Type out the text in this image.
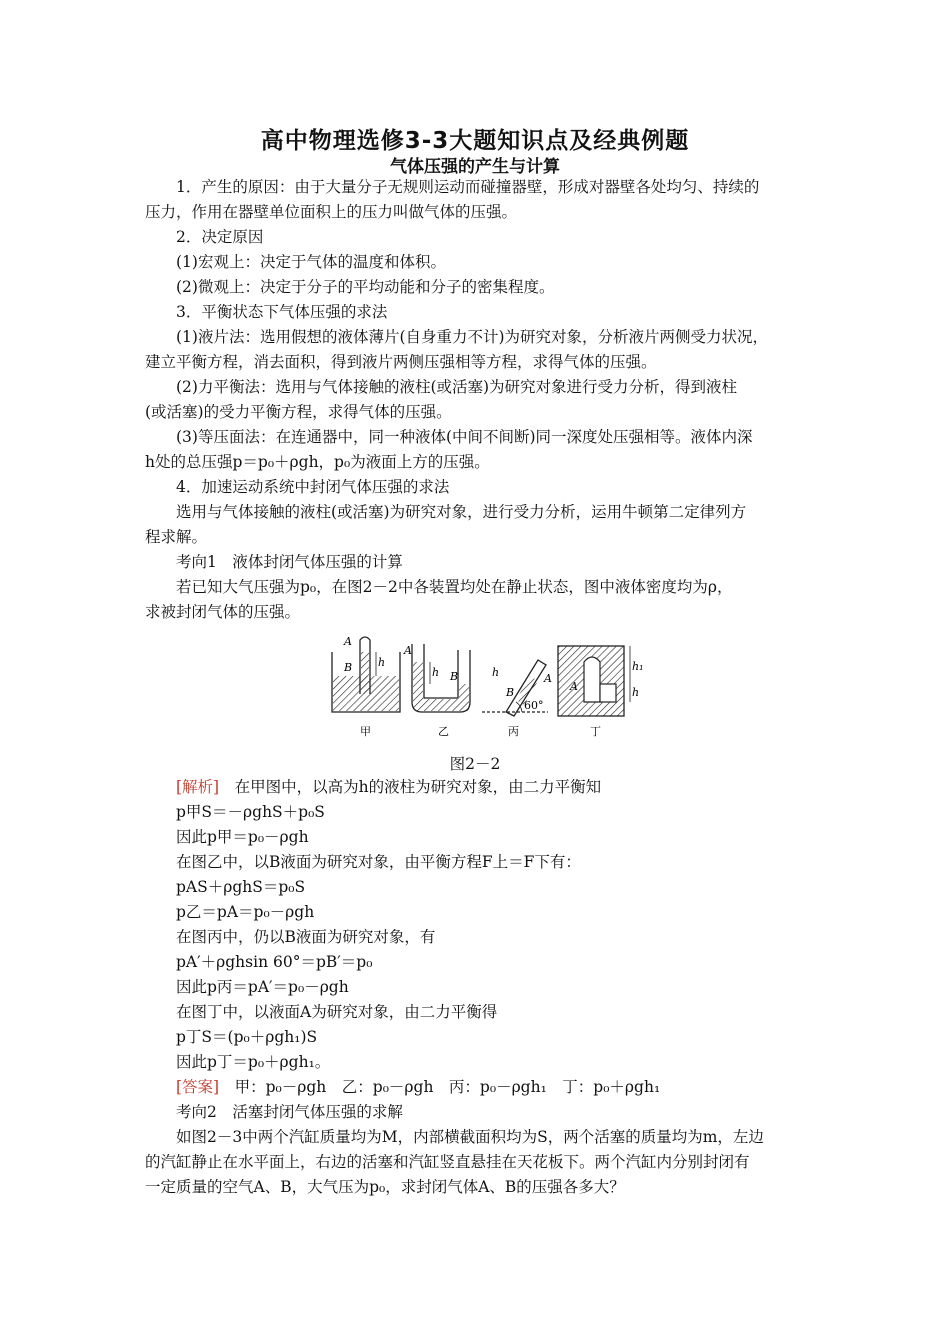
高中物理选修3-3大题知识点及经典例题
气体压强的产生与计算
1．产生的原因：由于大量分子无规则运动而碰撞器壁，形成对器壁各处均匀、持续的
压力，作用在器壁单位面积上的压力叫做气体的压强。
2．决定原因
(1)宏观上：决定于气体的温度和体积。
(2)微观上：决定于分子的平均动能和分子的密集程度。
3．平衡状态下气体压强的求法
(1)液片法：选用假想的液体薄片(自身重力不计)为研究对象，分析液片两侧受力状况，
建立平衡方程，消去面积，得到液片两侧压强相等方程，求得气体的压强。
(2)力平衡法：选用与气体接触的液柱(或活塞)为研究对象进行受力分析，得到液柱
(或活塞)的受力平衡方程，求得气体的压强。
(3)等压面法：在连通器中，同一种液体(中间不间断)同一深度处压强相等。液体内深
h处的总压强p＝p₀＋ρgh，p₀为液面上方的压强。
4．加速运动系统中封闭气体压强的求法
选用与气体接触的液柱(或活塞)为研究对象，进行受力分析，运用牛顿第二定律列方
程求解。
考向1　液体封闭气体压强的计算
若已知大气压强为p₀，在图2－2中各装置均处在静止状态，图中液体密度均为ρ，
求被封闭气体的压强。
A
B h
甲
A
h B
乙
60°
A
B
h
丙
A
h₁
h
丁
图2－2
[解析]　 在甲图中，以高为h的液柱为研究对象，由二力平衡知
p甲S＝－ρghS＋p₀S
因此p甲＝p₀－ρgh
在图乙中，以B液面为研究对象，由平衡方程F上＝F下有：
pAS＋ρghS＝p₀S
p乙＝pA＝p₀－ρgh
在图丙中，仍以B液面为研究对象，有
pA′＋ρghsin 60°＝pB′＝p₀
因此p丙＝pA′＝p₀－ρgh
在图丁中，以液面A为研究对象，由二力平衡得
p丁S＝(p₀＋ρgh₁)S
因此p丁＝p₀＋ρgh₁。
[答案]　 甲：p₀－ρgh　乙：p₀－ρgh　丙：p₀－ρgh₁　丁：p₀＋ρgh₁
考向2　活塞封闭气体压强的求解
如图2－3中两个汽缸质量均为M，内部横截面积均为S，两个活塞的质量均为m，左边
的汽缸静止在水平面上，右边的活塞和汽缸竖直悬挂在天花板下。两个汽缸内分别封闭有
一定质量的空气A、B，大气压为p₀，求封闭气体A、B的压强各多大？
